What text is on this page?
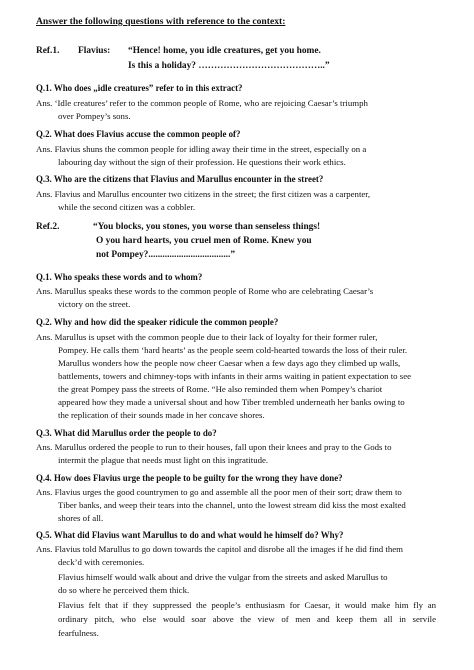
Answer the following questions with reference to the context:
Ref.1. Flavius: “Hence! home, you idle creatures, get you home.
Is this a holiday? …………………………………..”
Q.1. Who does „idle creatures” refer to in this extract?
Ans. ‘Idle creatures’ refer to the common people of Rome, who are rejoicing Caesar’s triumph
over Pompey’s sons.
Q.2. What does Flavius accuse the common people of?
Ans. Flavius shuns the common people for idling away their time in the street, especially on a
labouring day without the sign of their profession. He questions their work ethics.
Q.3. Who are the citizens that Flavius and Marullus encounter in the street?
Ans. Flavius and Marullus encounter two citizens in the street; the first citizen was a carpenter,
while the second citizen was a cobbler.
Ref.2.	“You blocks, you stones, you worse than senseless things!
O you hard hearts, you cruel men of Rome. Knew you
not Pompey?...................................”
Q.1. Who speaks these words and to whom?
Ans. Marullus speaks these words to the common people of Rome who are celebrating Caesar’s
victory on the street.
Q.2. Why and how did the speaker ridicule the common people?
Ans. Marullus is upset with the common people due to their lack of loyalty for their former ruler,
Pompey. He calls them ‘hard hearts’ as the people seem cold-hearted towards the loss of their ruler.
Marullus wonders how the people now cheer Caesar when a few days ago they climbed up walls,
battlements, towers and chimney-tops with infants in their arms waiting in patient expectation to see
the great Pompey pass the streets of Rome. “He also reminded them when Pompey’s chariot
appeared how they made a universal shout and how Tiber trembled underneath her banks owing to
the replication of their sounds made in her concave shores.
Q.3. What did Marullus order the people to do?
Ans. Marullus ordered the people to run to their houses, fall upon their knees and pray to the Gods to
intermit the plague that needs must light on this ingratitude.
Q.4. How does Flavius urge the people to be guilty for the wrong they have done?
Ans. Flavius urges the good countrymen to go and assemble all the poor men of their sort; draw them to
Tiber banks, and weep their tears into the channel, unto the lowest stream did kiss the most exalted
shores of all.
Q.5. What did Flavius want Marullus to do and what would he himself do? Why?
Ans. Flavius told Marullus to go down towards the capitol and disrobe all the images if he did find them
deck’d with ceremonies.
Flavius himself would walk about and drive the vulgar from the streets and asked Marullus to
do so where he perceived them thick.
Flavius felt that if they suppressed the people’s enthusiasm for Caesar, it would make him fly an
ordinary pitch, who else would soar above the view of men and keep them all in servile
fearfulness.
